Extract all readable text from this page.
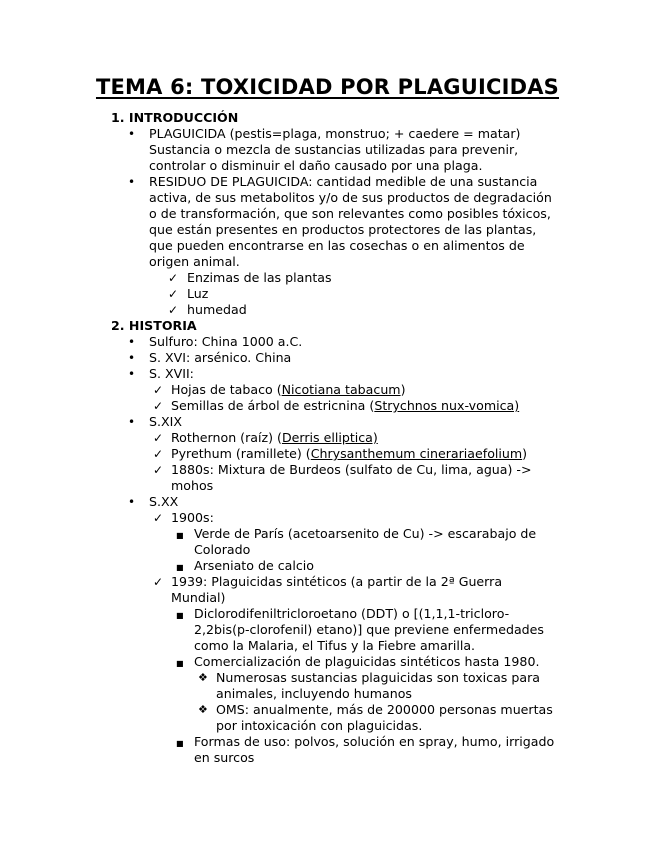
TEMA 6: TOXICIDAD POR PLAGUICIDAS
1. INTRODUCCIÓN
• PLAGUICIDA (pestis=plaga, monstruo; + caedere = matar)
Sustancia o mezcla de sustancias utilizadas para prevenir,
controlar o disminuir el daño causado por una plaga.
• RESIDUO DE PLAGUICIDA: cantidad medible de una sustancia
activa, de sus metabolitos y/o de sus productos de degradación
o de transformación, que son relevantes como posibles tóxicos,
que están presentes en productos protectores de las plantas,
que pueden encontrarse en las cosechas o en alimentos de
origen animal.
✓ Enzimas de las plantas
✓ Luz
✓ humedad
2. HISTORIA
• Sulfuro: China 1000 a.C.
• S. XVI: arsénico. China
• S. XVII:
✓ Hojas de tabaco (Nicotiana tabacum)
✓ Semillas de árbol de estricnina (Strychnos nux-vomica)
• S.XIX
✓ Rothernon (raíz) (Derris elliptica)
✓ Pyrethum (ramillete) (Chrysanthemum cinerariaefolium)
✓ 1880s: Mixtura de Burdeos (sulfato de Cu, lima, agua) ->
mohos
• S.XX
✓ 1900s:
■ Verde de París (acetoarsenito de Cu) -> escarabajo de
Colorado
■ Arseniato de calcio
✓ 1939: Plaguicidas sintéticos (a partir de la 2ª Guerra
Mundial)
■ Diclorodifeniltricloroetano (DDT) o [(1,1,1-tricloro-
2,2bis(p-clorofenil) etano)] que previene enfermedades
como la Malaria, el Tifus y la Fiebre amarilla.
■ Comercialización de plaguicidas sintéticos hasta 1980.
❖ Numerosas sustancias plaguicidas son toxicas para
animales, incluyendo humanos
❖ OMS: anualmente, más de 200000 personas muertas
por intoxicación con plaguicidas.
■ Formas de uso: polvos, solución en spray, humo, irrigado
en surcos
